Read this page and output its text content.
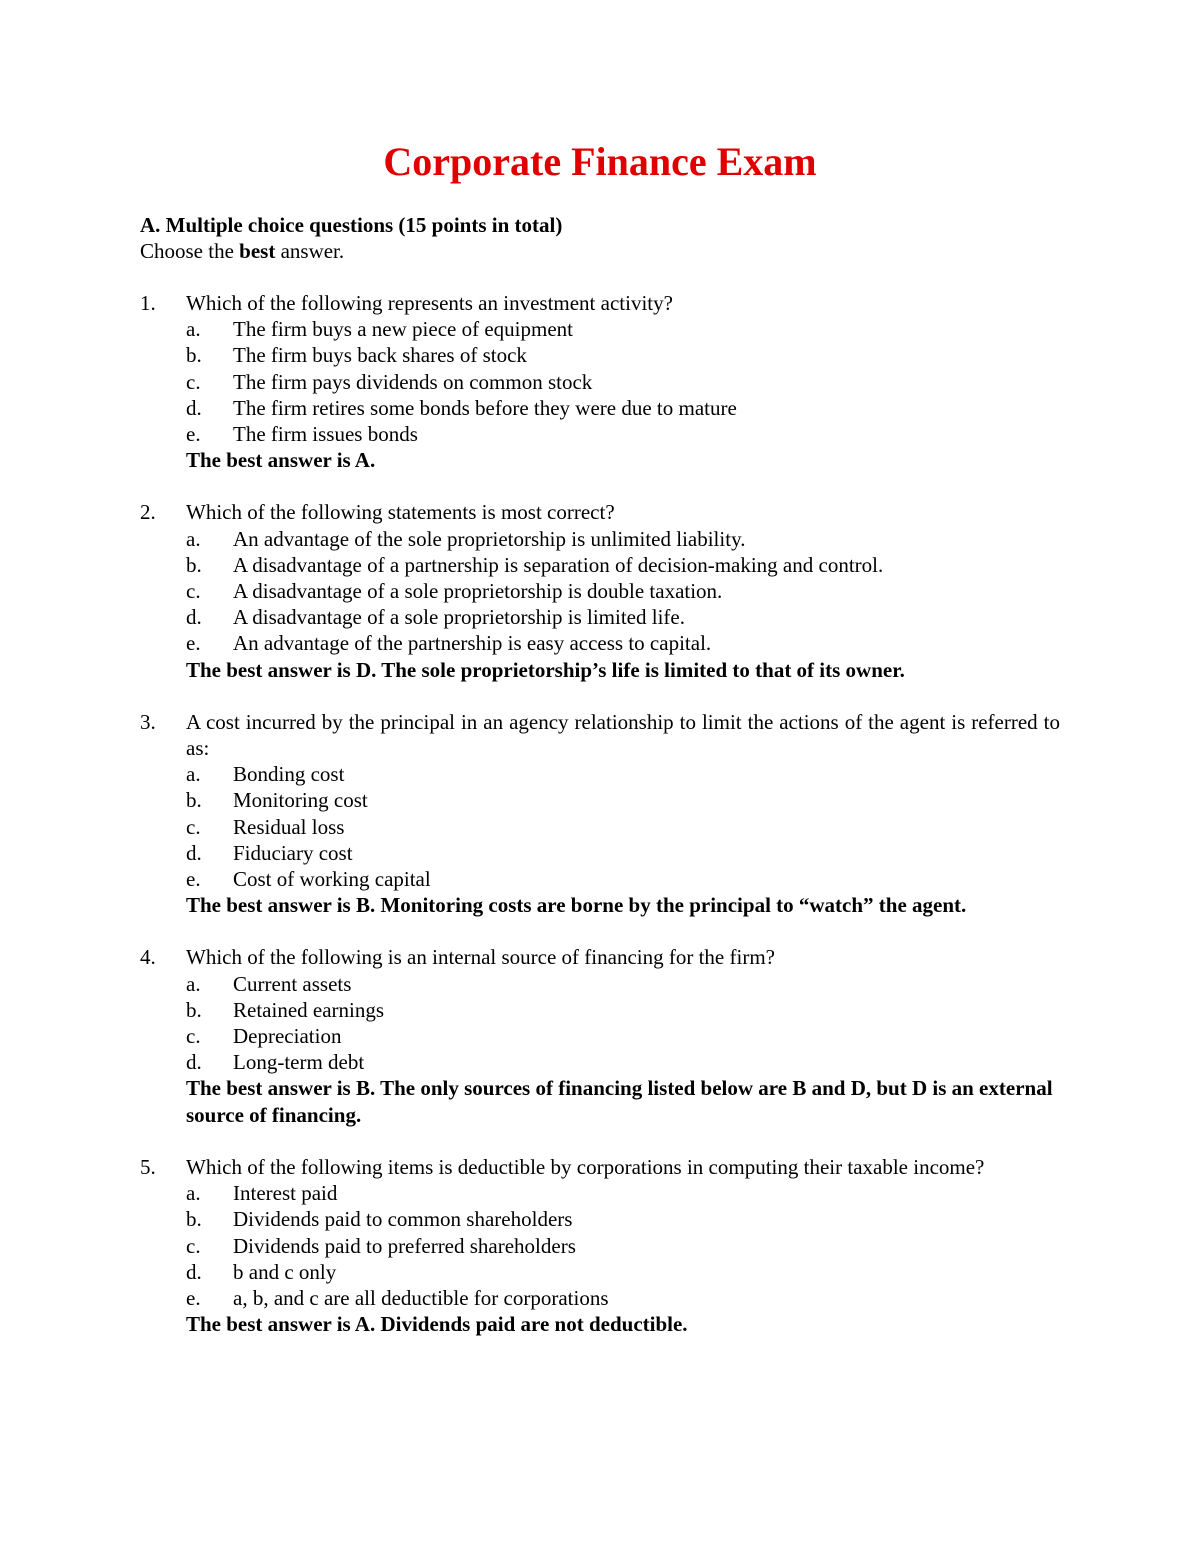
Corporate Finance Exam
A. Multiple choice questions (15 points in total)
Choose the best answer.
1.	Which of the following represents an investment activity?
a.	The firm buys a new piece of equipment
b.	The firm buys back shares of stock
c.	The firm pays dividends on common stock
d.	The firm retires some bonds before they were due to mature
e.	The firm issues bonds
The best answer is A.
2.	Which of the following statements is most correct?
a.	An advantage of the sole proprietorship is unlimited liability.
b.	A disadvantage of a partnership is separation of decision-making and control.
c.	A disadvantage of a sole proprietorship is double taxation.
d.	A disadvantage of a sole proprietorship is limited life.
e.	An advantage of the partnership is easy access to capital.
The best answer is D. The sole proprietorship’s life is limited to that of its owner.
3.	A cost incurred by the principal in an agency relationship to limit the actions of the agent is referred to as:
a.	Bonding cost
b.	Monitoring cost
c.	Residual loss
d.	Fiduciary cost
e.	Cost of working capital
The best answer is B. Monitoring costs are borne by the principal to “watch” the agent.
4.	Which of the following is an internal source of financing for the firm?
a.	Current assets
b.	Retained earnings
c.	Depreciation
d.	Long-term debt
The best answer is B. The only sources of financing listed below are B and D, but D is an external source of financing.
5.	Which of the following items is deductible by corporations in computing their taxable income?
a.	Interest paid
b.	Dividends paid to common shareholders
c.	Dividends paid to preferred shareholders
d.	b and c only
e.	a, b, and c are all deductible for corporations
The best answer is A. Dividends paid are not deductible.
